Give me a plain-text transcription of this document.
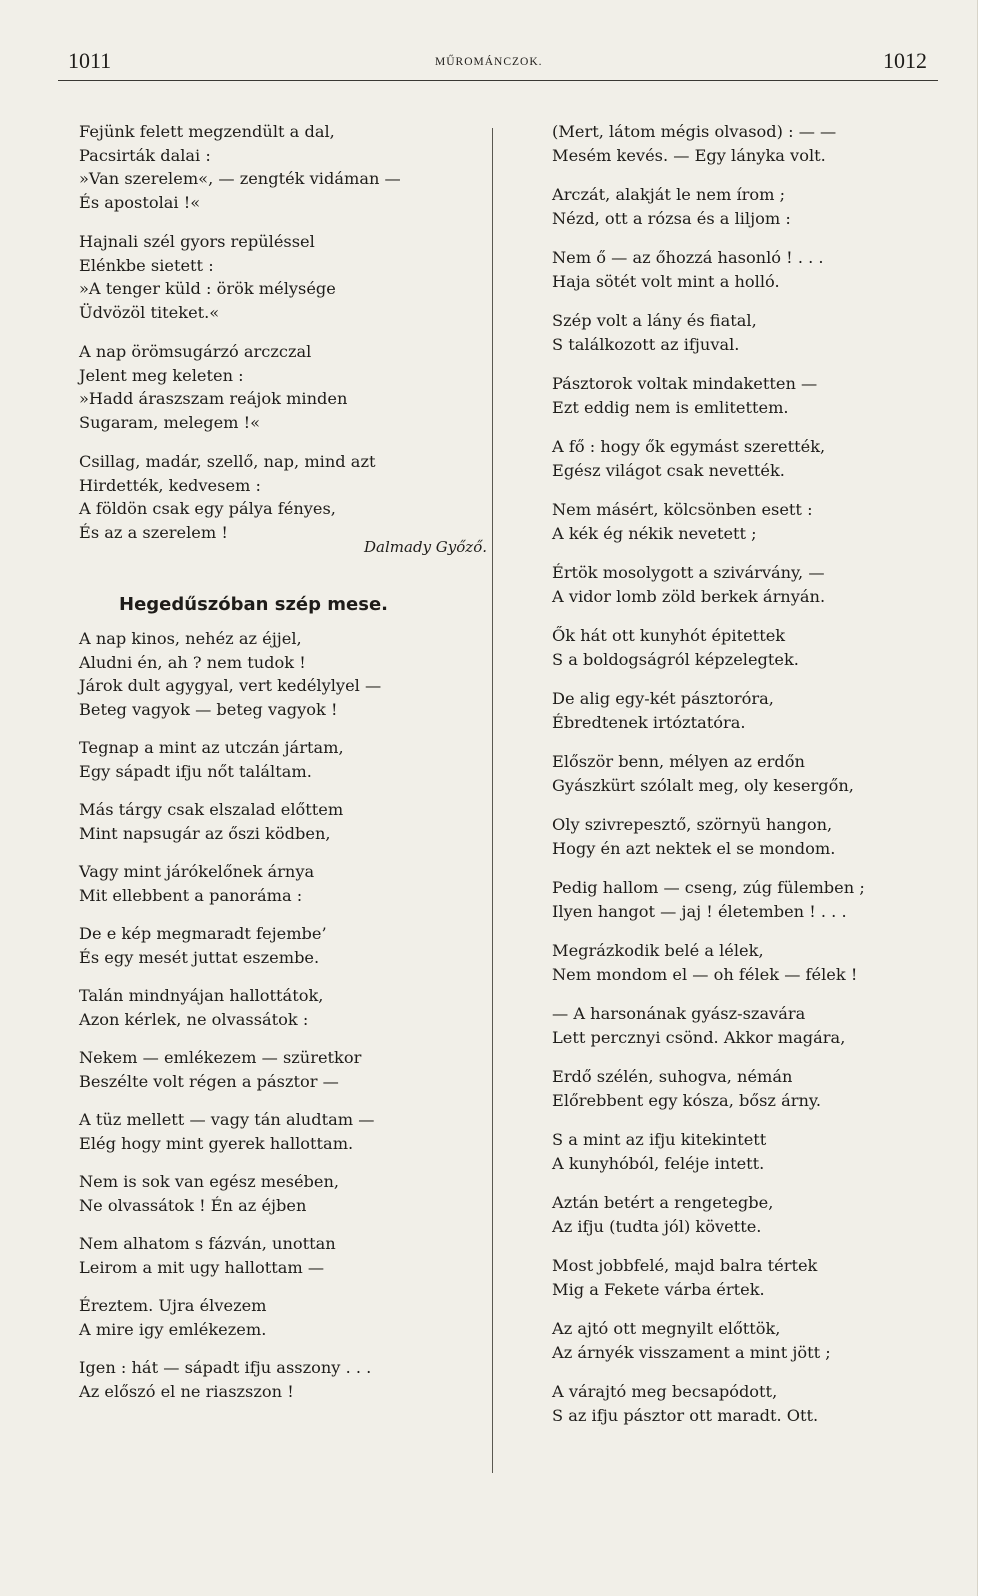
1011	MŰROMÁNCZOK.	1012
Fejünk felett megzendült a dal,
Pacsirták dalai :
»Van szerelem«, — zengték vidáman —
És apostolai !«
Hajnali szél gyors repüléssel
Elénkbe sietett :
»A tenger küld : örök mélysége
Üdvözöl titeket.«
A nap örömsugárzó arczczal
Jelent meg keleten :
»Hadd áraszszam reájok minden
Sugaram, melegem !«
Csillag, madár, szellő, nap, mind azt
Hirdették, kedvesem :
A földön csak egy pálya fényes,
És az a szerelem !
Dalmady Győző.
Hegedűszóban szép mese.
A nap kinos, nehéz az éjjel,
Aludni én, ah ? nem tudok !
Járok dult agygyal, vert kedélylyel —
Beteg vagyok — beteg vagyok !
Tegnap a mint az utczán jártam,
Egy sápadt ifju nőt találtam.
Más tárgy csak elszalad előttem
Mint napsugár az őszi ködben,
Vagy mint járókelőnek árnya
Mit ellebbent a panoráma :
De e kép megmaradt fejembe’
És egy mesét juttat eszembe.
Talán mindnyájan hallottátok,
Azon kérlek, ne olvassátok :
Nekem — emlékezem — szüretkor
Beszélte volt régen a pásztor —
A tüz mellett — vagy tán aludtam —
Elég hogy mint gyerek hallottam.
Nem is sok van egész mesében,
Ne olvassátok ! Én az éjben
Nem alhatom s fázván, unottan
Leirom a mit ugy hallottam —
Éreztem. Ujra élvezem
A mire igy emlékezem.
Igen : hát — sápadt ifju asszony . . .
Az előszó el ne riaszszon !
(Mert, látom mégis olvasod) : — —
Mesém kevés. — Egy lányka volt.
Arczát, alakját le nem írom ;
Nézd, ott a rózsa és a liljom :
Nem ő — az őhozzá hasonló ! . . .
Haja sötét volt mint a holló.
Szép volt a lány és fiatal,
S találkozott az ifjuval.
Pásztorok voltak mindaketten —
Ezt eddig nem is emlitettem.
A fő : hogy ők egymást szerették,
Egész világot csak nevették.
Nem másért, kölcsönben esett :
A kék ég nékik nevetett ;
Értök mosolygott a szivárvány, —
A vidor lomb zöld berkek árnyán.
Ők hát ott kunyhót épitettek
S a boldogságról képzelegtek.
De alig egy-két pásztoróra,
Ébredtenek irtóztatóra.
Először benn, mélyen az erdőn
Gyászkürt szólalt meg, oly kesergőn,
Oly szivrepesztő, szörnyü hangon,
Hogy én azt nektek el se mondom.
Pedig hallom — cseng, zúg fülemben ;
Ilyen hangot — jaj ! életemben ! . . .
Megrázkodik belé a lélek,
Nem mondom el — oh félek — félek !
— A harsonának gyász-szavára
Lett percznyi csönd. Akkor magára,
Erdő szélén, suhogva, némán
Előrebbent egy kósza, bősz árny.
S a mint az ifju kitekintett
A kunyhóból, feléje intett.
Aztán betért a rengetegbe,
Az ifju (tudta jól) követte.
Most jobbfelé, majd balra tértek
Mig a Fekete várba értek.
Az ajtó ott megnyilt előttök,
Az árnyék visszament a mint jött ;
A várajtó meg becsapódott,
S az ifju pásztor ott maradt. Ott.
